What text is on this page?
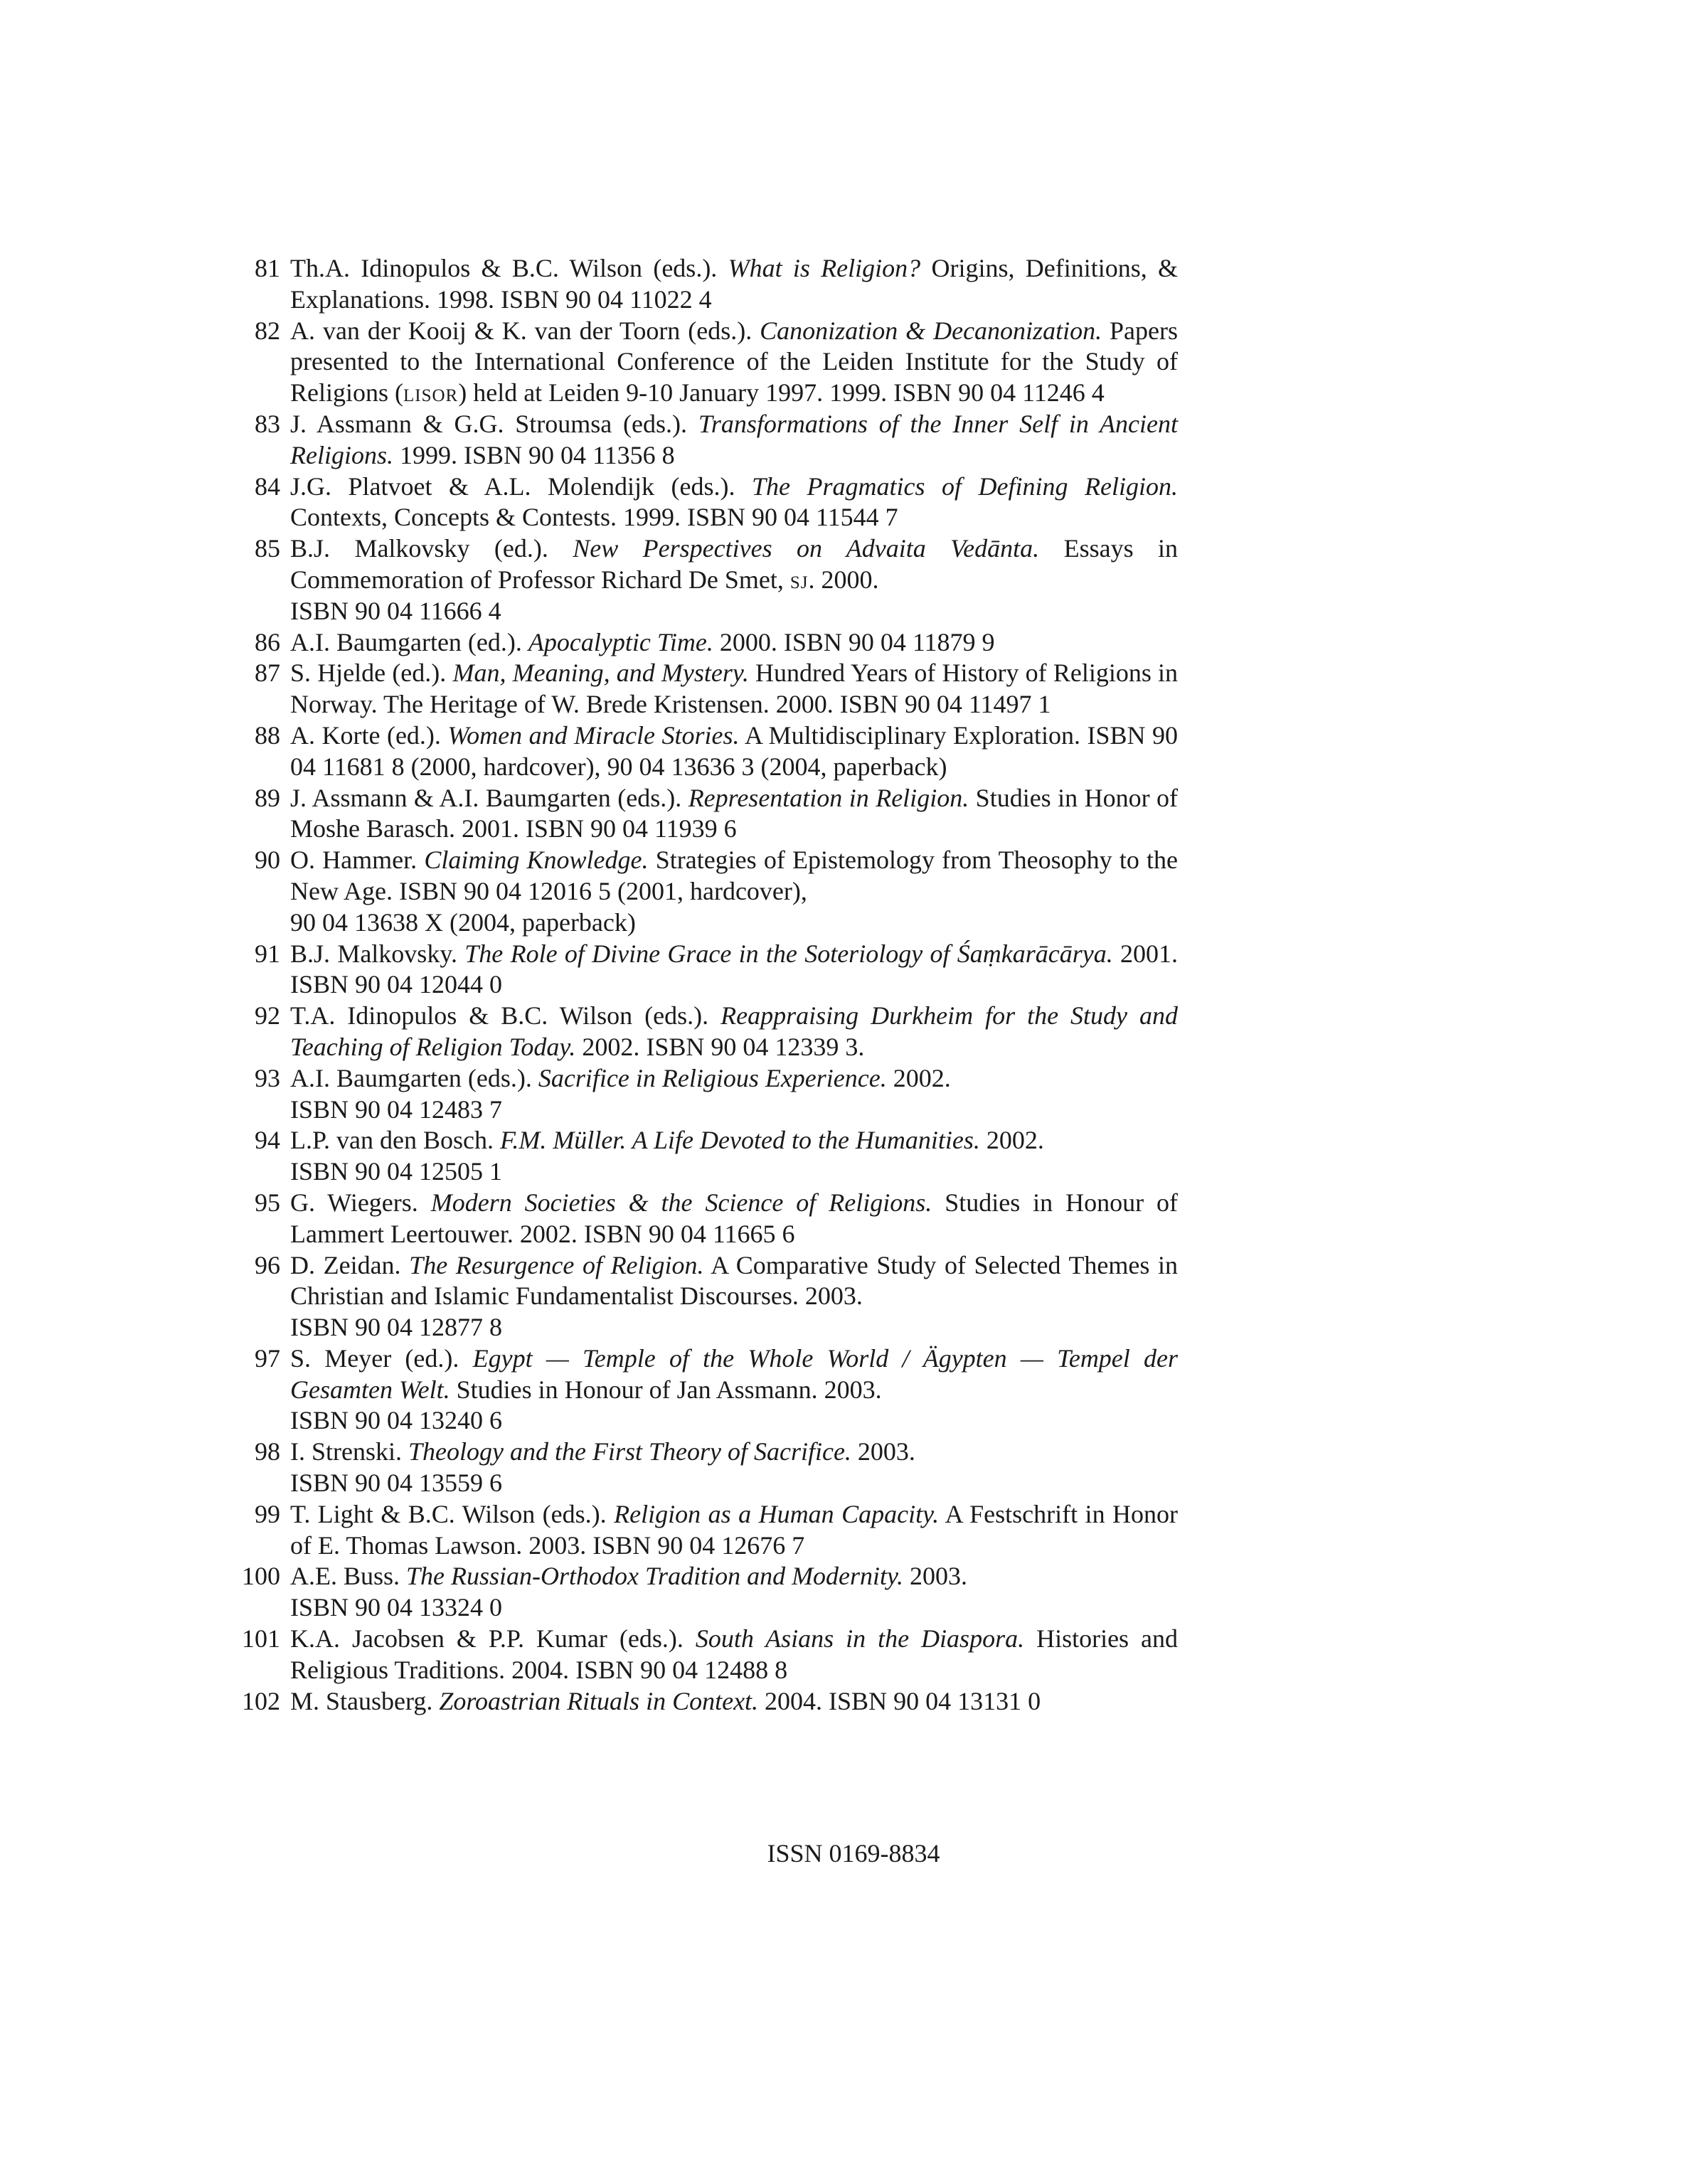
81 Th.A. Idinopulos & B.C. Wilson (eds.). What is Religion? Origins, Definitions, & Explanations. 1998. ISBN 90 04 11022 4
82 A. van der Kooij & K. van der Toorn (eds.). Canonization & Decanonization. Papers presented to the International Conference of the Leiden Institute for the Study of Religions (lisor) held at Leiden 9-10 January 1997. 1999. ISBN 90 04 11246 4
83 J. Assmann & G.G. Stroumsa (eds.). Transformations of the Inner Self in Ancient Religions. 1999. ISBN 90 04 11356 8
84 J.G. Platvoet & A.L. Molendijk (eds.). The Pragmatics of Defining Religion. Contexts, Concepts & Contests. 1999. ISBN 90 04 11544 7
85 B.J. Malkovsky (ed.). New Perspectives on Advaita Vedānta. Essays in Commemoration of Professor Richard De Smet, sj. 2000.
ISBN 90 04 11666 4
86 A.I. Baumgarten (ed.). Apocalyptic Time. 2000. ISBN 90 04 11879 9
87 S. Hjelde (ed.). Man, Meaning, and Mystery. Hundred Years of History of Religions in Norway. The Heritage of W. Brede Kristensen. 2000. ISBN 90 04 11497 1
88 A. Korte (ed.). Women and Miracle Stories. A Multidisciplinary Exploration. ISBN 90 04 11681 8 (2000, hardcover), 90 04 13636 3 (2004, paperback)
89 J. Assmann & A.I. Baumgarten (eds.). Representation in Religion. Studies in Honor of Moshe Barasch. 2001. ISBN 90 04 11939 6
90 O. Hammer. Claiming Knowledge. Strategies of Epistemology from Theosophy to the New Age. ISBN 90 04 12016 5 (2001, hardcover),
90 04 13638 X (2004, paperback)
91 B.J. Malkovsky. The Role of Divine Grace in the Soteriology of Śaṃkarācārya. 2001. ISBN 90 04 12044 0
92 T.A. Idinopulos & B.C. Wilson (eds.). Reappraising Durkheim for the Study and Teaching of Religion Today. 2002. ISBN 90 04 12339 3.
93 A.I. Baumgarten (eds.). Sacrifice in Religious Experience. 2002.
ISBN 90 04 12483 7
94 L.P. van den Bosch. F.M. Müller. A Life Devoted to the Humanities. 2002.
ISBN 90 04 12505 1
95 G. Wiegers. Modern Societies & the Science of Religions. Studies in Honour of Lammert Leertouwer. 2002. ISBN 90 04 11665 6
96 D. Zeidan. The Resurgence of Religion. A Comparative Study of Selected Themes in Christian and Islamic Fundamentalist Discourses. 2003.
ISBN 90 04 12877 8
97 S. Meyer (ed.). Egypt — Temple of the Whole World / Ägypten — Tempel der Gesamten Welt. Studies in Honour of Jan Assmann. 2003.
ISBN 90 04 13240 6
98 I. Strenski. Theology and the First Theory of Sacrifice. 2003.
ISBN 90 04 13559 6
99 T. Light & B.C. Wilson (eds.). Religion as a Human Capacity. A Festschrift in Honor of E. Thomas Lawson. 2003. ISBN 90 04 12676 7
100 A.E. Buss. The Russian-Orthodox Tradition and Modernity. 2003.
ISBN 90 04 13324 0
101 K.A. Jacobsen & P.P. Kumar (eds.). South Asians in the Diaspora. Histories and Religious Traditions. 2004. ISBN 90 04 12488 8
102 M. Stausberg. Zoroastrian Rituals in Context. 2004. ISBN 90 04 13131 0
ISSN 0169-8834
